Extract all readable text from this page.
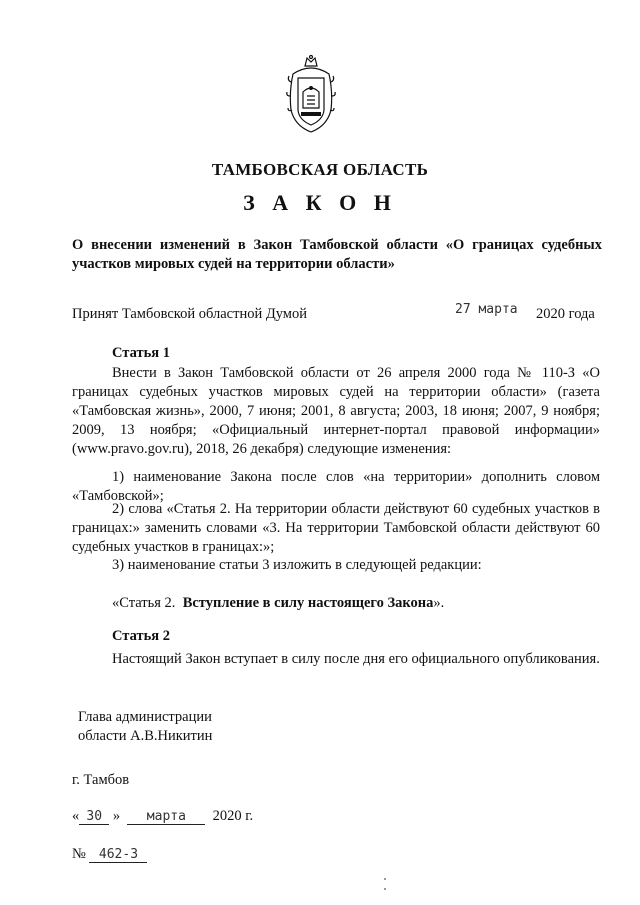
ТАМБОВСКАЯ ОБЛАСТЬ
З А К О Н
О внесении изменений в Закон Тамбовской области «О границах судебных участков мировых судей на территории области»
Принят Тамбовской областной Думой	27 марта 2020 года
Статья 1
Внести в Закон Тамбовской области от 26 апреля 2000 года № 110-З «О границах судебных участков мировых судей на территории области» (газета «Тамбовская жизнь», 2000, 7 июня; 2001, 8 августа; 2003, 18 июня; 2007, 9 ноября; 2009, 13 ноября; «Официальный интернет-портал правовой информации» (www.pravo.gov.ru), 2018, 26 декабря) следующие изменения:
1) наименование Закона после слов «на территории» дополнить словом «Тамбовской»;
2) слова «Статья 2. На территории области действуют 60 судебных участков в границах:» заменить словами «3. На территории Тамбовской области действуют 60 судебных участков в границах:»;
3) наименование статьи 3 изложить в следующей редакции:
«Статья 2. Вступление в силу настоящего Закона».
Статья 2
Настоящий Закон вступает в силу после дня его официального опубликования.
Глава администрации
области А.В.Никитин
г. Тамбов
« 30 » марта 2020 г.
№ 462-З
